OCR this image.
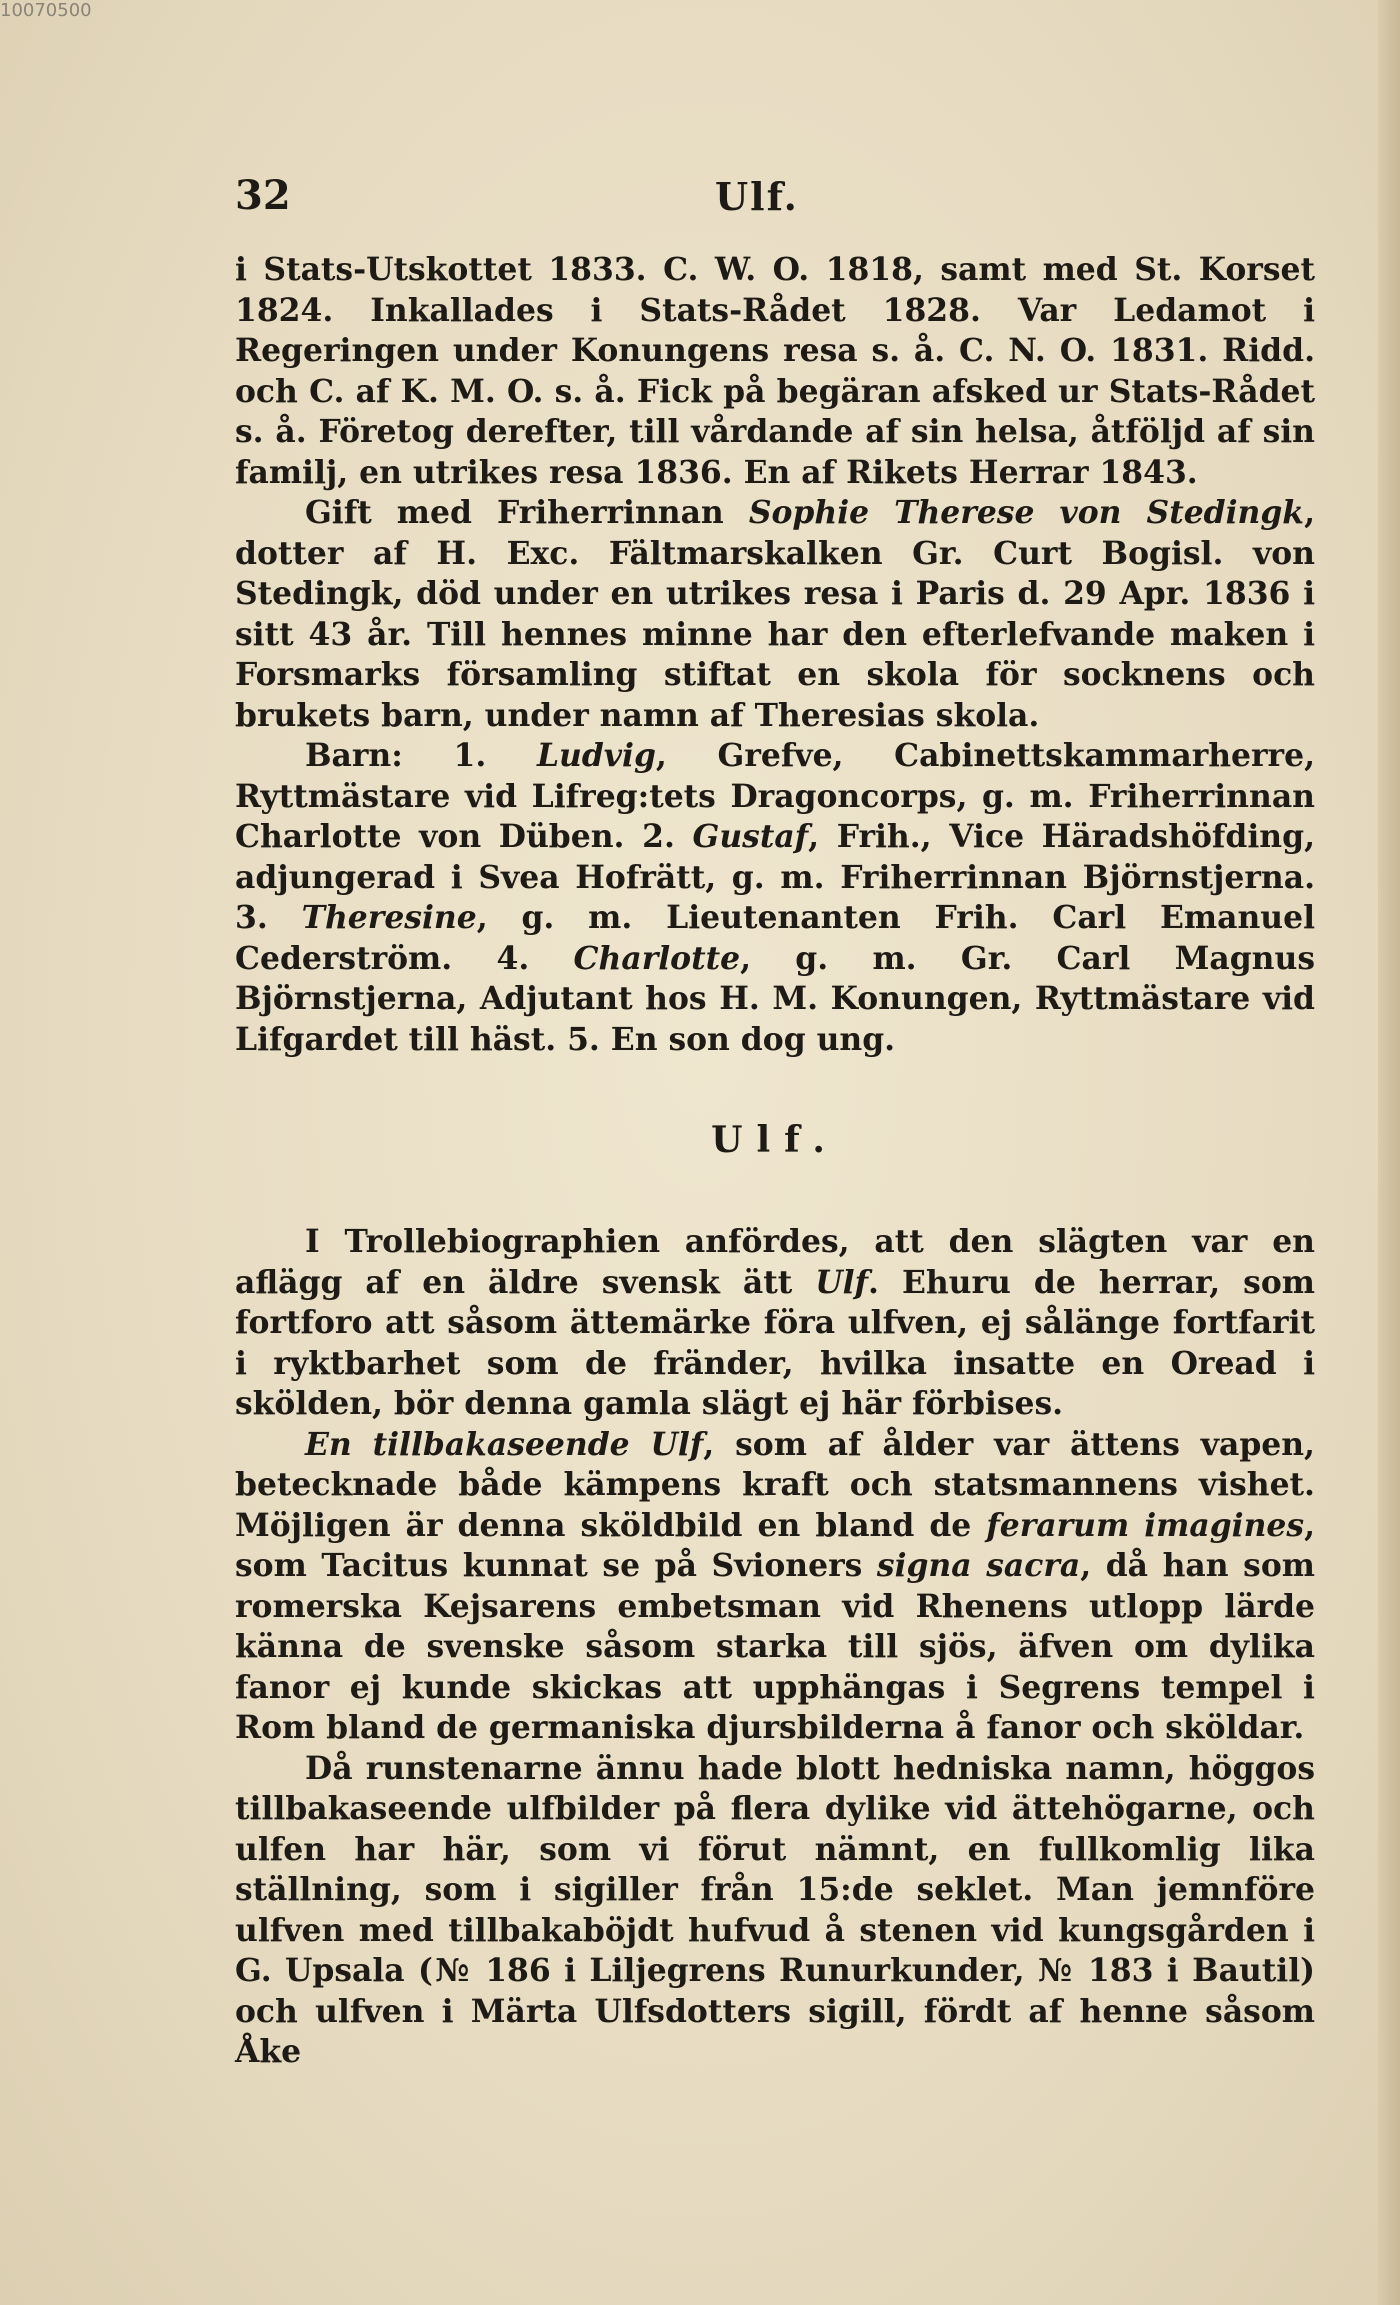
10070500
32	Ulf.

i Stats-Utskottet 1833. C. W. O. 1818, samt med St. Korset 1824. Inkallades i Stats-Rådet 1828. Var Ledamot i Regeringen under Konungens resa s. å. C. N. O. 1831. Ridd. och C. af K. M. O. s. å. Fick på begäran afsked ur Stats-Rådet s. å. Företog derefter, till vårdande af sin helsa, åtföljd af sin familj, en utrikes resa 1836. En af Rikets Herrar 1843.

Gift med Friherrinnan Sophie Therese von Stedingk, dotter af H. Exc. Fältmarskalken Gr. Curt Bogisl. von Stedingk, död under en utrikes resa i Paris d. 29 Apr. 1836 i sitt 43 år. Till hennes minne har den efterlefvande maken i Forsmarks församling stiftat en skola för socknens och brukets barn, under namn af Theresias skola.

Barn: 1. Ludvig, Grefve, Cabinettskammarherre, Ryttmästare vid Lifreg:tets Dragoncorps, g. m. Friherrinnan Charlotte von Düben. 2. Gustaf, Frih., Vice Häradshöfding, adjungerad i Svea Hofrätt, g. m. Friherrinnan Björnstjerna. 3. Theresine, g. m. Lieutenanten Frih. Carl Emanuel Cederström. 4. Charlotte, g. m. Gr. Carl Magnus Björnstjerna, Adjutant hos H. M. Konungen, Ryttmästare vid Lifgardet till häst. 5. En son dog ung.

Ulf.

I Trollebiographien anfördes, att den slägten var en aflägg af en äldre svensk ätt Ulf. Ehuru de herrar, som fortforo att såsom ättemärke föra ulfven, ej sålänge fortfarit i ryktbarhet som de fränder, hvilka insatte en Oread i skölden, bör denna gamla slägt ej här förbises.

En tillbakaseende Ulf, som af ålder var ättens vapen, betecknade både kämpens kraft och statsmannens vishet. Möjligen är denna sköldbild en bland de ferarum imagines, som Tacitus kunnat se på Svioners signa sacra, då han som romerska Kejsarens embetsman vid Rhenens utlopp lärde känna de svenske såsom starka till sjös, äfven om dylika fanor ej kunde skickas att upphängas i Segrens tempel i Rom bland de germaniska djursbilderna å fanor och sköldar.

Då runstenarne ännu hade blott hedniska namn, höggos tillbakaseende ulfbilder på flera dylike vid ättehögarne, och ulfen har här, som vi förut nämnt, en fullkomlig lika ställning, som i sigiller från 15:de seklet. Man jemnföre ulfven med tillbakaböjdt hufvud å stenen vid kungsgården i G. Upsala (№ 186 i Liljegrens Runurkunder, № 183 i Bautil) och ulfven i Märta Ulfsdotters sigill, fördt af henne såsom Åke
